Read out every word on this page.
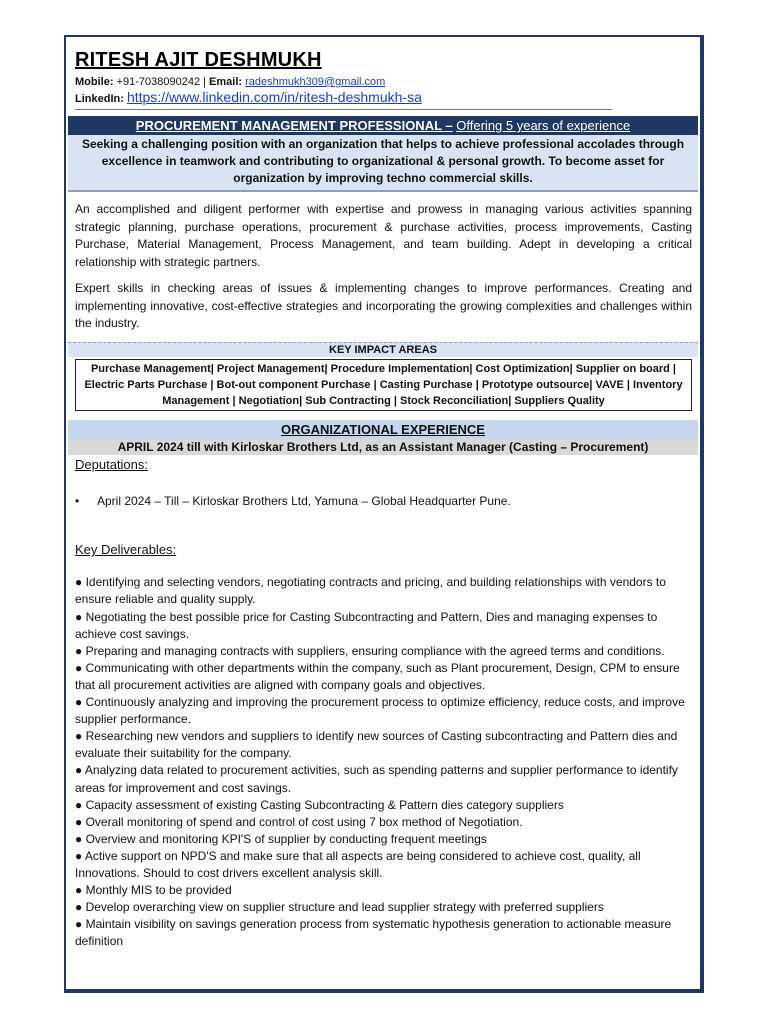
RITESH AJIT DESHMUKH
Mobile: +91-7038090242 | Email: radeshmukh309@gmail.com
LinkedIn: https://www.linkedin.com/in/ritesh-deshmukh-sa
PROCUREMENT MANAGEMENT PROFESSIONAL – Offering 5 years of experience
Seeking a challenging position with an organization that helps to achieve professional accolades through excellence in teamwork and contributing to organizational & personal growth. To become asset for organization by improving techno commercial skills.
An accomplished and diligent performer with expertise and prowess in managing various activities spanning strategic planning, purchase operations, procurement & purchase activities, process improvements, Casting Purchase, Material Management, Process Management, and team building. Adept in developing a critical relationship with strategic partners.
Expert skills in checking areas of issues & implementing changes to improve performances. Creating and implementing innovative, cost-effective strategies and incorporating the growing complexities and challenges within the industry.
KEY IMPACT AREAS
Purchase Management| Project Management| Procedure Implementation| Cost Optimization| Supplier on board | Electric Parts Purchase | Bot-out component Purchase | Casting Purchase | Prototype outsource| VAVE | Inventory Management | Negotiation| Sub Contracting | Stock Reconciliation| Suppliers Quality
ORGANIZATIONAL EXPERIENCE
APRIL 2024 till with Kirloskar Brothers Ltd, as an Assistant Manager (Casting – Procurement)
Deputations:
•	April 2024 – Till – Kirloskar Brothers Ltd, Yamuna – Global Headquarter Pune.
Key Deliverables:
● Identifying and selecting vendors, negotiating contracts and pricing, and building relationships with vendors to ensure reliable and quality supply.
● Negotiating the best possible price for Casting Subcontracting and Pattern, Dies and managing expenses to achieve cost savings.
● Preparing and managing contracts with suppliers, ensuring compliance with the agreed terms and conditions.
● Communicating with other departments within the company, such as Plant procurement, Design, CPM to ensure that all procurement activities are aligned with company goals and objectives.
● Continuously analyzing and improving the procurement process to optimize efficiency, reduce costs, and improve supplier performance.
● Researching new vendors and suppliers to identify new sources of Casting subcontracting and Pattern dies and evaluate their suitability for the company.
● Analyzing data related to procurement activities, such as spending patterns and supplier performance to identify areas for improvement and cost savings.
● Capacity assessment of existing Casting Subcontracting & Pattern dies category suppliers
● Overall monitoring of spend and control of cost using 7 box method of Negotiation.
● Overview and monitoring KPI'S of supplier by conducting frequent meetings
● Active support on NPD'S and make sure that all aspects are being considered to achieve cost, quality, all Innovations. Should to cost drivers excellent analysis skill.
● Monthly MIS to be provided
● Develop overarching view on supplier structure and lead supplier strategy with preferred suppliers
● Maintain visibility on savings generation process from systematic hypothesis generation to actionable measure definition
